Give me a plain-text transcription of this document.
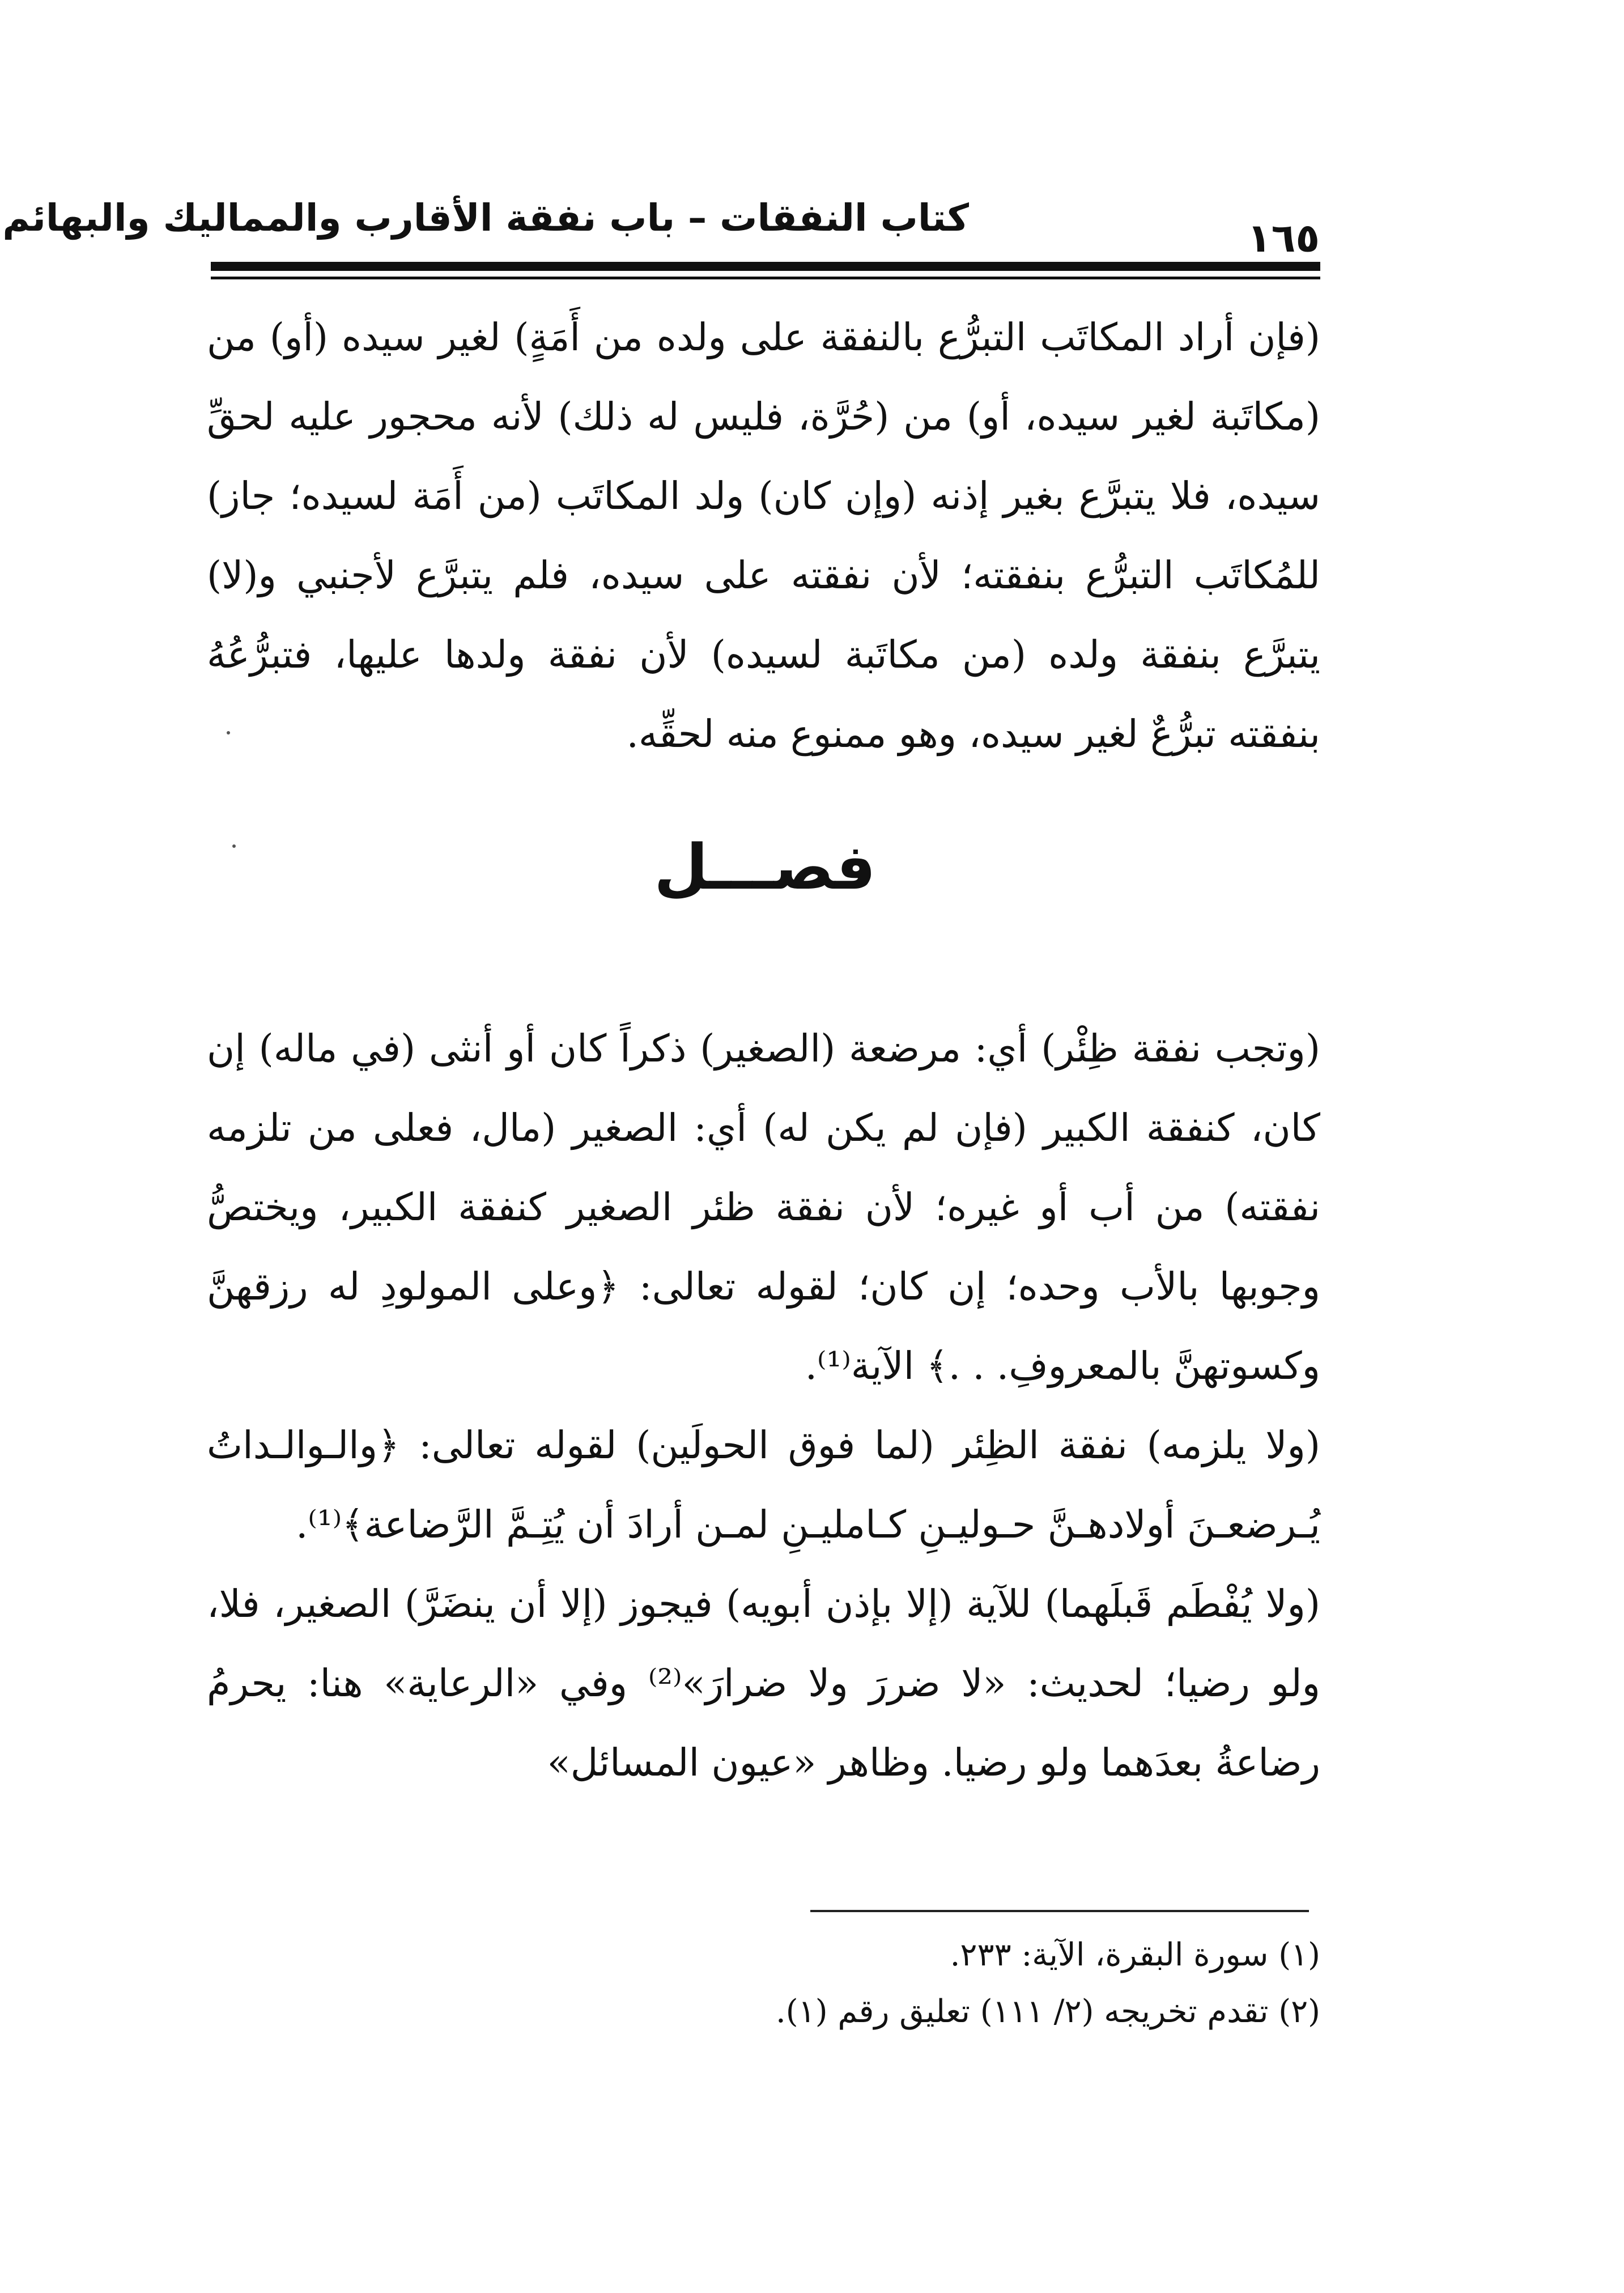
كتاب النفقات – باب نفقة الأقارب والمماليك والبهائم	١٦٥

(فإن أراد المكاتَب التبرُّع بالنفقة على ولده من أَمَةٍ) لغير سيده (أو) من (مكاتَبة لغير سيده، أو) من (حُرَّة، فليس له ذلك) لأنه محجور عليه لحقِّ سيده، فلا يتبرَّع بغير إذنه (وإن كان) ولد المكاتَب (من أَمَة لسيده؛ جاز) للمُكاتَب التبرُّع بنفقته؛ لأن نفقته على سيده، فلم يتبرَّع لأجنبي و(لا) يتبرَّع بنفقة ولده (من مكاتَبة لسيده) لأن نفقة ولدها عليها، فتبرُّعُهُ بنفقته تبرُّعٌ لغير سيده، وهو ممنوع منه لحقِّه.

فصـــل

(وتجب نفقة ظِئْر) أي: مرضعة (الصغير) ذكراً كان أو أنثى (في ماله) إن كان، كنفقة الكبير (فإن لم يكن له) أي: الصغير (مال، فعلى من تلزمه نفقته) من أب أو غيره؛ لأن نفقة ظئر الصغير كنفقة الكبير، ويختصُّ وجوبها بالأب وحده؛ إن كان؛ لقوله تعالى: ﴿وعلى المولودِ له رزقهنَّ وكسوتهنَّ بالمعروفِ. . .﴾ الآية⁽¹⁾.

(ولا يلزمه) نفقة الظِئر (لما فوق الحولَين) لقوله تعالى: ﴿والـوالـداتُ يُـرضعـنَ أولادهـنَّ حـوليـنِ كـامليـنِ لمـن أرادَ أن يُتِـمَّ الرَّضاعة﴾⁽¹⁾.

(ولا يُفْطَم قَبلَهما) للآية (إلا بإذن أبويه) فيجوز (إلا أن ينضَرَّ) الصغير، فلا، ولو رضيا؛ لحديث: «لا ضررَ ولا ضرارَ»⁽²⁾ وفي «الرعاية» هنا: يحرمُ رضاعةُ بعدَهما ولو رضيا. وظاهر «عيون المسائل»

(١) سورة البقرة، الآية: ٢٣٣.

(٢) تقدم تخريجه (٢/ ١١١) تعليق رقم (١).
